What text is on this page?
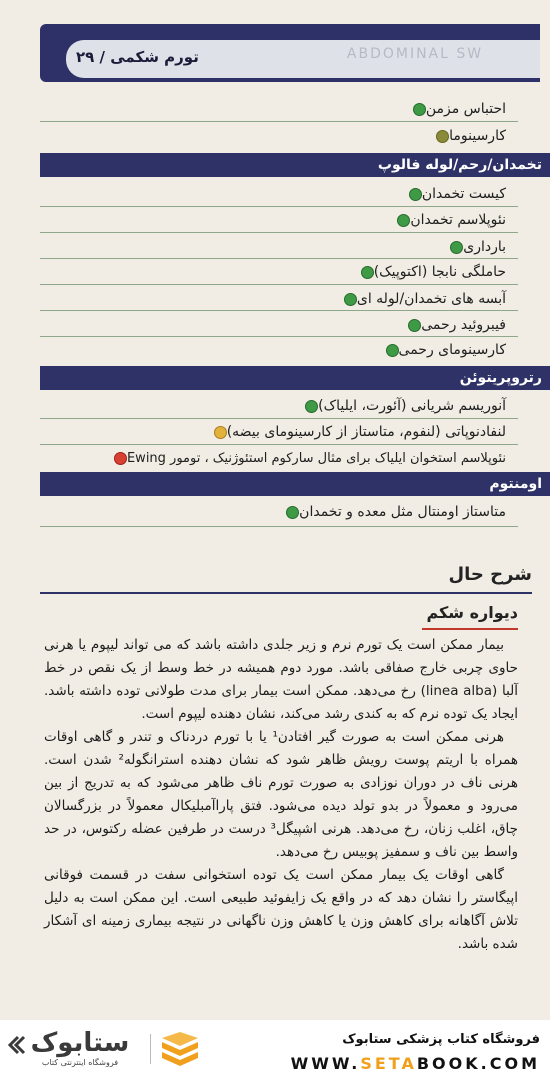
تورم شکمی / ۲۹	ABDOMINAL SW
احتباس مزمن
کارسینوما
تخمدان/رحم/لوله فالوپ
کیست تخمدان
نئوپلاسم تخمدان
بارداری
حاملگی نابجا (اکتوپیک)
آبسه های تخمدان/لوله ای
فیبروئید رحمی
کارسینومای رحمی
رتروپریتوئن
آنوریسم شریانی (آئورت، ایلیاک)
لنفادنوپاتی (لنفوم، متاستاز از کارسینومای بیضه)
نئوپلاسم استخوان ایلیاک برای مثال سارکوم استئوژنیک ، تومور Ewing
اومنتوم
متاستاز اومنتال مثل معده و تخمدان
شرح حال
دیواره شکم

بیمار ممکن است یک تورم نرم و زیر جلدی داشته باشد که می تواند لیپوم یا هرنی حاوی چربی خارج صفاقی باشد. مورد دوم همیشه در خط وسط از یک نقص در خط آلبا (linea alba) رخ می‌دهد. ممکن است بیمار برای مدت طولانی توده داشته باشد. ایجاد یک توده نرم که به کندی رشد می‌کند، نشان دهنده لیپوم است.

هرنی ممکن است به صورت گیر افتادن¹ یا با تورم دردناک و تندر و گاهی اوقات همراه با اریتم پوست رویش ظاهر شود که نشان دهنده استرانگوله² شدن است. هرنی ناف در دوران نوزادی به صورت تورم ناف ظاهر می‌شود که به تدریج از بین می‌رود و معمولاً در بدو تولد دیده می‌شود. فتق پاراآمبلیکال معمولاً در بزرگسالان چاق، اغلب زنان، رخ می‌دهد. هرنی اشپیگل³ درست در طرفین عضله رکتوس، در حد واسط بین ناف و سمفیز پوبیس رخ می‌دهد.

گاهی اوقات یک بیمار ممکن است یک توده استخوانی سفت در قسمت فوقانی اپیگاستر را نشان دهد که در واقع یک زایفوئید طبیعی است. این ممکن است به دلیل تلاش آگاهانه برای کاهش وزن یا کاهش وزن ناگهانی در نتیجه بیماری زمینه ای آشکار شده باشد.

ستابوک
فروشگاه اینترنتی کتاب
فروشگاه کتاب پزشکی ستابوک
WWW.SETABOOK.COM
